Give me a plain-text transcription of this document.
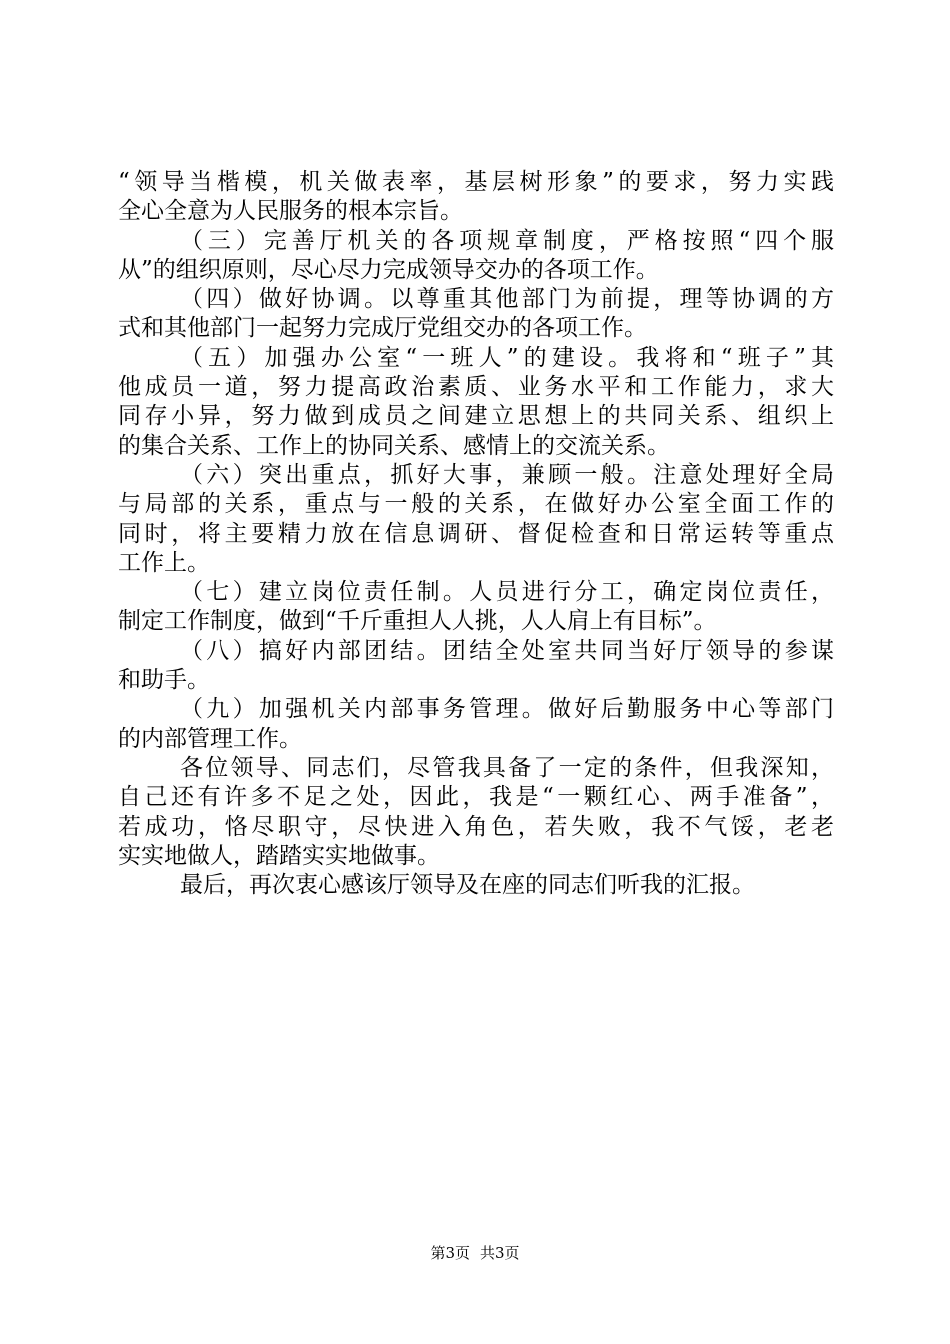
“领导当楷模，机关做表率，基层树形象”的要求，努力实践
全心全意为人民服务的根本宗旨。
（三）完善厅机关的各项规章制度，严格按照“四个服
从”的组织原则，尽心尽力完成领导交办的各项工作。
（四）做好协调。以尊重其他部门为前提，理等协调的方
式和其他部门一起努力完成厅党组交办的各项工作。
（五）加强办公室“一班人”的建设。我将和“班子”其
他成员一道，努力提高政治素质、业务水平和工作能力，求大
同存小异，努力做到成员之间建立思想上的共同关系、组织上
的集合关系、工作上的协同关系、感情上的交流关系。
（六）突出重点，抓好大事，兼顾一般。注意处理好全局
与局部的关系，重点与一般的关系，在做好办公室全面工作的
同时，将主要精力放在信息调研、督促检查和日常运转等重点
工作上。
（七）建立岗位责任制。人员进行分工，确定岗位责任，
制定工作制度，做到“千斤重担人人挑，人人肩上有目标”。
（八）搞好内部团结。团结全处室共同当好厅领导的参谋
和助手。
（九）加强机关内部事务管理。做好后勤服务中心等部门
的内部管理工作。
各位领导、同志们，尽管我具备了一定的条件，但我深知，
自己还有许多不足之处，因此，我是“一颗红心、两手准备”，
若成功，恪尽职守，尽快进入角色，若失败，我不气馁，老老
实实地做人，踏踏实实地做事。
最后，再次衷心感该厅领导及在座的同志们听我的汇报。
第3页 共3页
